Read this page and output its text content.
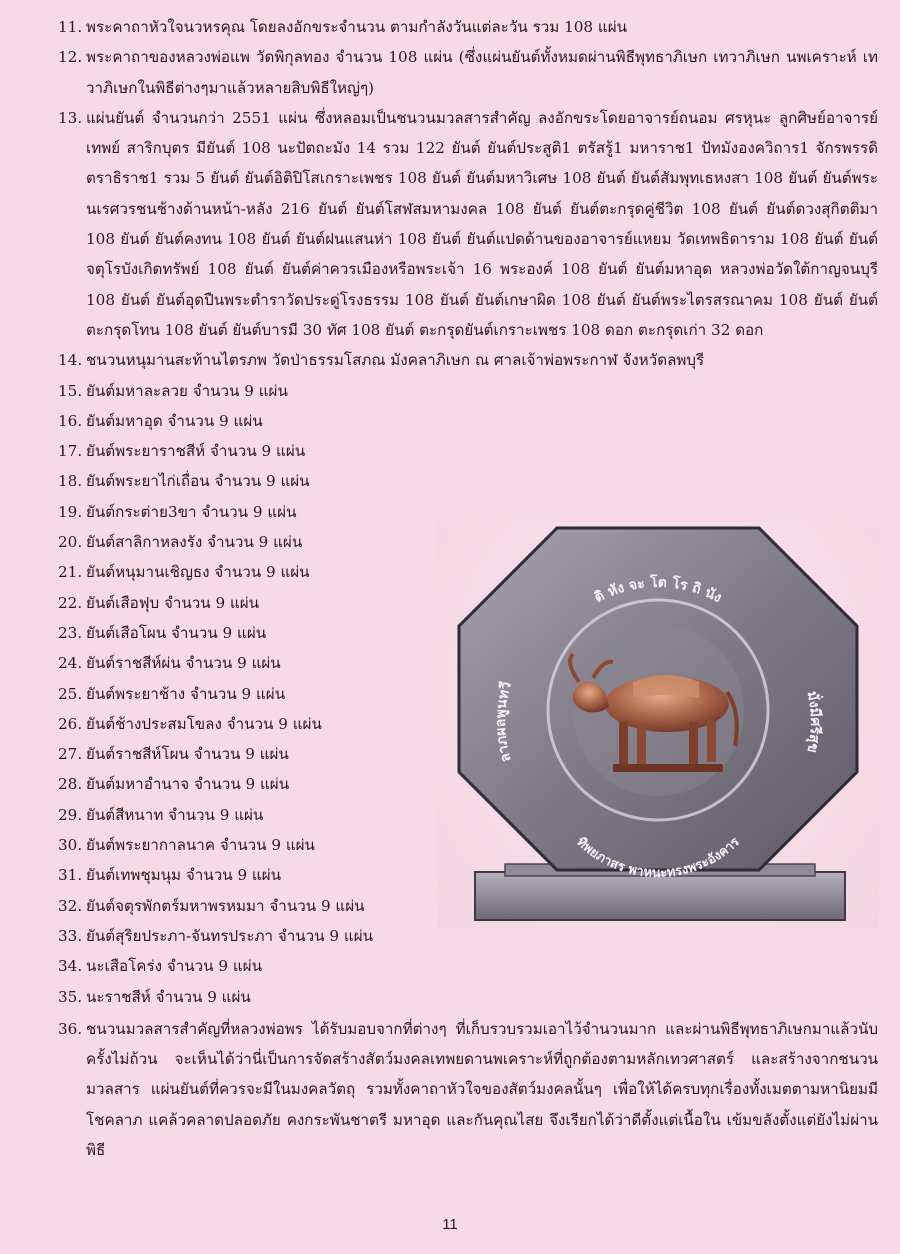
11. พระคาถาหัวใจนวหรคุณ โดยลงอักขระจำนวน ตามกำลังวันแต่ละวัน รวม 108 แผ่น
12. พระคาถาของหลวงพ่อแพ วัดพิกุลทอง จำนวน 108 แผ่น (ซึ่งแผ่นยันต์ทั้งหมดผ่านพิธีพุทธาภิเษก เทวาภิเษก นพเคราะห์ เทวาภิเษกในพิธีต่างๆมาแล้วหลายสิบพิธีใหญ่ๆ)
13. แผ่นยันต์ จำนวนกว่า 2551 แผ่น ซึ่งหลอมเป็นชนวนมวลสารสำคัญ ลงอักขระโดยอาจารย์ถนอม ศรหุนะ ลูกศิษย์อาจารย์เทพย์ สาริกบุตร มียันต์ 108 นะปัตถะมัง 14 รวม 122 ยันต์ ยันต์ประสูติ1 ตรัสรู้1 มหาราช1 ปัทมังองควิถาร1 จักรพรรดิตราธิราช1 รวม 5 ยันต์ ยันต์อิติปิโสเกราะเพชร 108 ยันต์ ยันต์มหาวิเศษ 108 ยันต์ ยันต์สัมพุทเธหงสา 108 ยันต์ ยันต์พระนเรศวรชนช้างด้านหน้า-หลัง 216 ยันต์ ยันต์โสฬสมหามงคล 108 ยันต์ ยันต์ตะกรุดคู่ชีวิต 108 ยันต์ ยันต์ดวงสุกิตติมา 108 ยันต์ ยันต์คงทน 108 ยันต์ ยันต์ฝนแสนห่า 108 ยันต์ ยันต์แปดด้านของอาจารย์แหยม วัดเทพธิดาราม 108 ยันต์ ยันต์จตุโรบังเกิดทรัพย์ 108 ยันต์ ยันต์ค่าควรเมืองหรือพระเจ้า 16 พระองค์ 108 ยันต์ ยันต์มหาอุด หลวงพ่อวัดใต้กาญจนบุรี 108 ยันต์ ยันต์อุดปืนพระตำราวัดประดู่โรงธรรม 108 ยันต์ ยันต์เกษาผิด 108 ยันต์ ยันต์พระไตรสรณาคม 108 ยันต์ ยันต์ตะกรุดโทน 108 ยันต์ ยันต์บารมี 30 ทัศ 108 ยันต์ ตะกรุดยันต์เกราะเพชร 108 ดอก ตะกรุดเก่า 32 ดอก
14. ชนวนหนุมานสะท้านไตรภพ วัดป่าธรรมโสภณ มังคลาภิเษก ณ ศาลเจ้าพ่อพระกาฬ จังหวัดลพบุรี
15. ยันต์มหาละลวย จำนวน 9 แผ่น
16. ยันต์มหาอุด จำนวน 9 แผ่น
17. ยันต์พระยาราชสีห์ จำนวน 9 แผ่น
18. ยันต์พระยาไก่เถื่อน จำนวน 9 แผ่น
19. ยันต์กระต่าย3ขา จำนวน 9 แผ่น
20. ยันต์สาลิกาหลงรัง จำนวน 9 แผ่น
21. ยันต์หนุมานเชิญธง จำนวน 9 แผ่น
22. ยันต์เสือฟุบ จำนวน 9 แผ่น
23. ยันต์เสือโผน จำนวน 9 แผ่น
24. ยันต์ราชสีห์ผ่น จำนวน 9 แผ่น
25. ยันต์พระยาช้าง จำนวน 9 แผ่น
26. ยันต์ช้างประสมโขลง จำนวน 9 แผ่น
27. ยันต์ราชสีห์โผน จำนวน 9 แผ่น
28. ยันต์มหาอำนาจ จำนวน 9 แผ่น
29. ยันต์สีหนาท จำนวน 9 แผ่น
30. ยันต์พระยากาลนาค จำนวน 9 แผ่น
31. ยันต์เทพชุมนุม จำนวน 9 แผ่น
32. ยันต์จตุรพักตร์มหาพรหมมา จำนวน 9 แผ่น
33. ยันต์สุริยประภา-จันทรประภา จำนวน 9 แผ่น
34. นะเสือโคร่ง จำนวน 9 แผ่น
35. นะราชสีห์ จำนวน 9 แผ่น
36. ชนวนมวลสารสำคัญที่หลวงพ่อพร ได้รับมอบจากที่ต่างๆ ที่เก็บรวบรวมเอาไว้จำนวนมาก และผ่านพิธีพุทธาภิเษกมาแล้วนับครั้งไม่ถ้วน จะเห็นได้ว่านี่เป็นการจัดสร้างสัตว์มงคลเทพยดานพเคราะห์ที่ถูกต้องตามหลักเทวศาสตร์ และสร้างจากชนวนมวลสาร แผ่นยันต์ที่ควรจะมีในมงคลวัตถุ รวมทั้งคาถาหัวใจของสัตว์มงคลนั้นๆ เพื่อให้ได้ครบทุกเรื่องทั้งเมตตามหานิยมมีโชคลาภ แคล้วคลาดปลอดภัย คงกระพันชาตรี มหาอุด และกันคุณไสย จึงเรียกได้ว่าดีตั้งแต่เนื้อใน เข้มขลังตั้งแต่ยังไม่ผ่านพิธี
ติ หัง จะ โต โร ถิ นัง
ลาภผลพูนทวี
มั่งมีศรีสุข
ทิพยภาสร พาหนะทรงพระอังคาร
11
